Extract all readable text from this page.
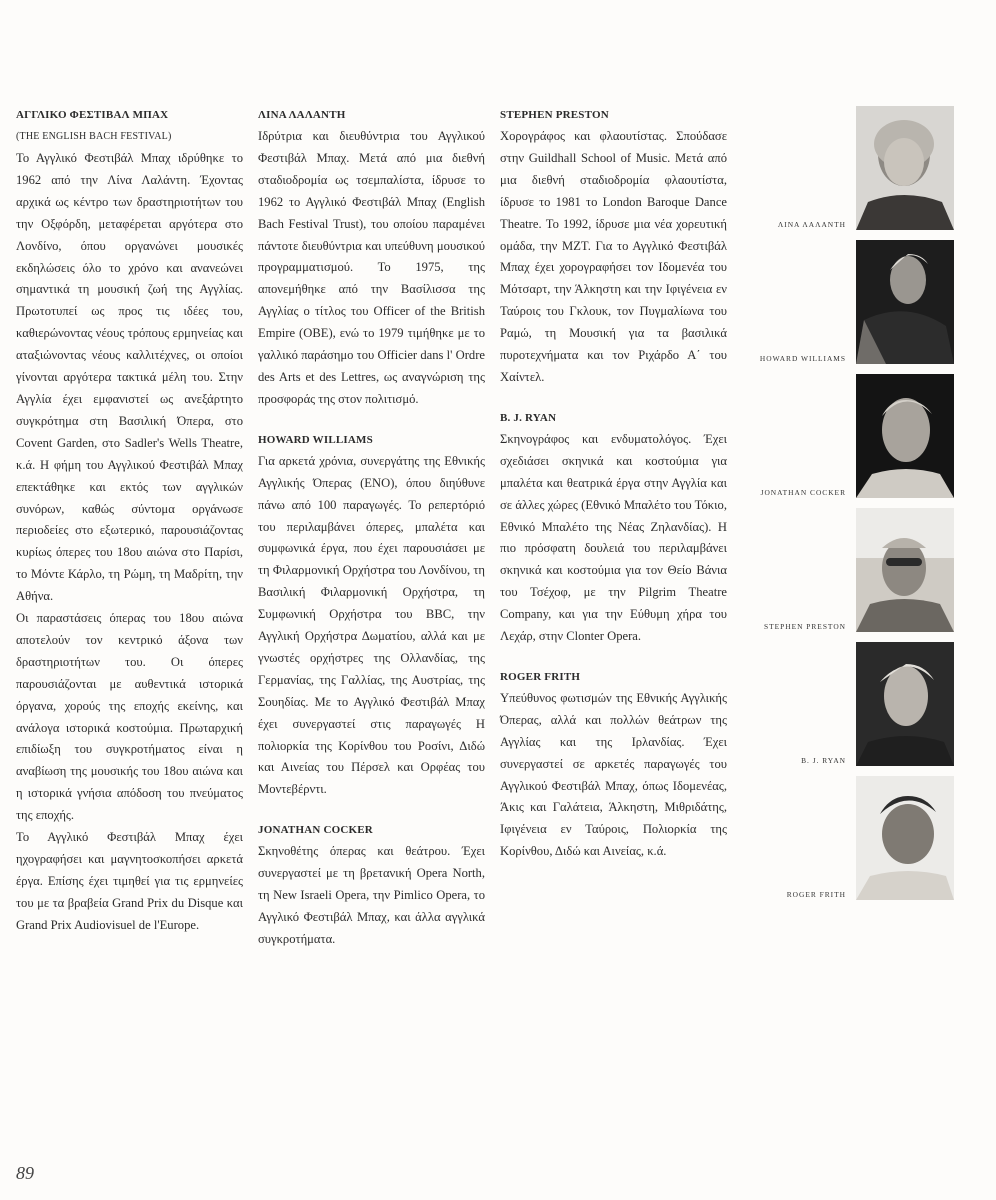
ΑΓΓΛΙΚΟ ΦΕΣΤΙΒΑΛ ΜΠΑΧ

(THE ENGLISH BACH FESTIVAL)

Το Αγγλικό Φεστιβάλ Μπαχ ιδρύθηκε το 1962 από την Λίνα Λαλάντη. Έχοντας αρχικά ως κέντρο των δραστηριοτήτων του την Οξφόρδη, μεταφέρεται αργότερα στο Λονδίνο, όπου οργανώνει μουσικές εκδηλώσεις όλο το χρόνο και ανανεώνει σημαντικά τη μουσική ζωή της Αγγλίας. Πρωτοτυπεί ως προς τις ιδέες του, καθιερώνοντας νέους τρόπους ερμηνείας και αταξιώνοντας νέους καλλιτέχνες, οι οποίοι γίνονται αργότερα τακτικά μέλη του. Στην Αγγλία έχει εμφανιστεί ως ανεξάρτητο συγκρότημα στη Βασιλική Όπερα, στο Covent Garden, στο Sadler's Wells Theatre, κ.ά. Η φήμη του Αγγλικού Φεστιβάλ Μπαχ επεκτάθηκε και εκτός των αγγλικών συνόρων, καθώς σύντομα οργάνωσε περιοδείες στο εξωτερικό, παρουσιάζοντας κυρίως όπερες του 18ου αιώνα στο Παρίσι, το Μόντε Κάρλο, τη Ρώμη, τη Μαδρίτη, την Αθήνα.

Οι παραστάσεις όπερας του 18ου αιώνα αποτελούν τον κεντρικό άξονα των δραστηριοτήτων του. Οι όπερες παρουσιάζονται με αυθεντικά ιστορικά όργανα, χορούς της εποχής εκείνης, και ανάλογα ιστορικά κοστούμια. Πρωταρχική επιδίωξη του συγκροτήματος είναι η αναβίωση της μουσικής του 18ου αιώνα και η ιστορικά γνήσια απόδοση του πνεύματος της εποχής.

Το Αγγλικό Φεστιβάλ Μπαχ έχει ηχογραφήσει και μαγνητοσκοπήσει αρκετά έργα. Επίσης έχει τιμηθεί για τις ερμηνείες του με τα βραβεία Grand Prix du Disque και Grand Prix Audiovisuel de l'Europe.

ΛΙΝΑ ΛΑΛΑΝΤΗ

Ιδρύτρια και διευθύντρια του Αγγλικού Φεστιβάλ Μπαχ. Μετά από μια διεθνή σταδιοδρομία ως τσεμπαλίστα, ίδρυσε το 1962 το Αγγλικό Φεστιβάλ Μπαχ (English Bach Festival Trust), του οποίου παραμένει πάντοτε διευθύντρια και υπεύθυνη μουσικού προγραμματισμού. Το 1975, της απονεμήθηκε από την Βασίλισσα της Αγγλίας ο τίτλος του Officer of the British Empire (OBE), ενώ το 1979 τιμήθηκε με το γαλλικό παράσημο του Officier dans l' Ordre des Arts et des Lettres, ως αναγνώριση της προσφοράς της στον πολιτισμό.

HOWARD WILLIAMS

Για αρκετά χρόνια, συνεργάτης της Εθνικής Αγγλικής Όπερας (ENO), όπου διηύθυνε πάνω από 100 παραγωγές. Το ρεπερτόριό του περιλαμβάνει όπερες, μπαλέτα και συμφωνικά έργα, που έχει παρουσιάσει με τη Φιλαρμονική Ορχήστρα του Λονδίνου, τη Βασιλική Φιλαρμονική Ορχήστρα, τη Συμφωνική Ορχήστρα του BBC, την Αγγλική Ορχήστρα Δωματίου, αλλά και με γνωστές ορχήστρες της Ολλανδίας, της Γερμανίας, της Γαλλίας, της Αυστρίας, της Σουηδίας. Με το Αγγλικό Φεστιβάλ Μπαχ έχει συνεργαστεί στις παραγωγές Η πολιορκία της Κορίνθου του Ροσίνι, Διδώ και Αινείας του Πέρσελ και Ορφέας του Μοντεβέρντι.

JONATHAN COCKER

Σκηνοθέτης όπερας και θεάτρου. Έχει συνεργαστεί με τη βρετανική Opera North, τη New Israeli Opera, την Pimlico Opera, το Αγγλικό Φεστιβάλ Μπαχ, και άλλα αγγλικά συγκροτήματα.

STEPHEN PRESTON

Χορογράφος και φλαουτίστας. Σπούδασε στην Guildhall School of Music. Μετά από μια διεθνή σταδιοδρομία φλαουτίστα, ίδρυσε το 1981 το London Baroque Dance Theatre. Το 1992, ίδρυσε μια νέα χορευτική ομάδα, την MZT. Για το Αγγλικό Φεστιβάλ Μπαχ έχει χορογραφήσει τον Ιδομενέα του Μότσαρτ, την Άλκηστη και την Ιφιγένεια εν Ταύροις του Γκλουκ, τον Πυγμαλίωνα του Ραμώ, τη Μουσική για τα βασιλικά πυροτεχνήματα και τον Ριχάρδο Α΄ του Χαίντελ.

B. J. RYAN

Σκηνογράφος και ενδυματολόγος. Έχει σχεδιάσει σκηνικά και κοστούμια για μπαλέτα και θεατρικά έργα στην Αγγλία και σε άλλες χώρες (Εθνικό Μπαλέτο του Τόκιο, Εθνικό Μπαλέτο της Νέας Ζηλανδίας). Η πιο πρόσφατη δουλειά του περιλαμβάνει σκηνικά και κοστούμια για τον Θείο Βάνια του Τσέχοφ, με την Pilgrim Theatre Company, και για την Εύθυμη χήρα του Λεχάρ, στην Clonter Opera.

ROGER FRITH

Υπεύθυνος φωτισμών της Εθνικής Αγγλικής Όπερας, αλλά και πολλών θεάτρων της Αγγλίας και της Ιρλανδίας. Έχει συνεργαστεί σε αρκετές παραγωγές του Αγγλικού Φεστιβάλ Μπαχ, όπως Ιδομενέας, Άκις και Γαλάτεια, Άλκηστη, Μιθριδάτης, Ιφιγένεια εν Ταύροις, Πολιορκία της Κορίνθου, Διδώ και Αινείας, κ.ά.

ΛΙΝΑ ΛΑΛΑΝΤΗ
HOWARD WILLIAMS
JONATHAN COCKER
STEPHEN PRESTON
B. J. RYAN
ROGER FRITH
89
